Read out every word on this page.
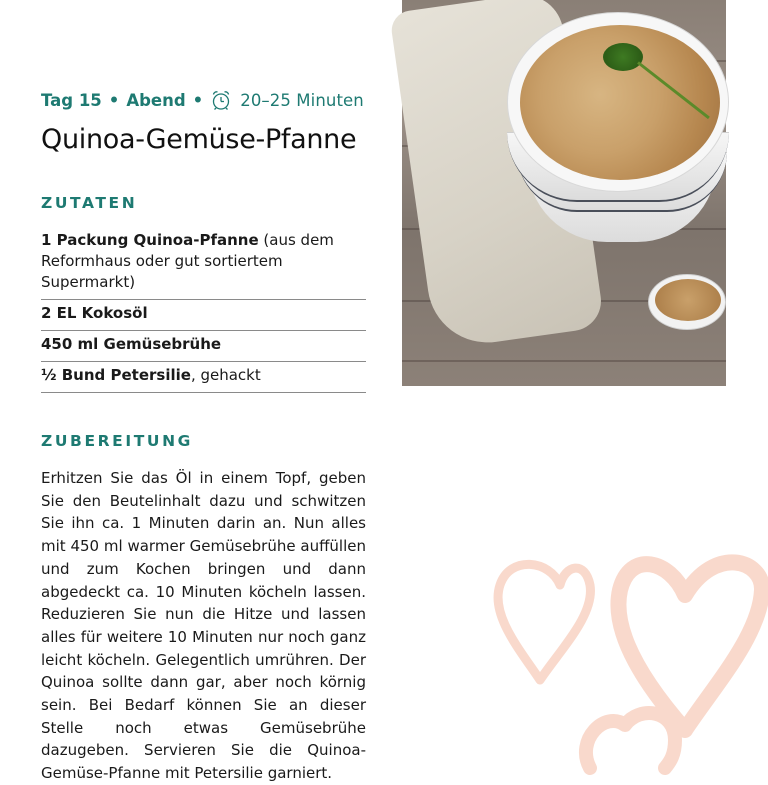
Tag 15 • Abend • 20–25 Minuten
Quinoa-Gemüse-Pfanne
ZUTATEN
1 Packung Quinoa-Pfanne (aus dem Reformhaus oder gut sortiertem Supermarkt)
2 EL Kokosöl
450 ml Gemüsebrühe
½ Bund Petersilie, gehackt
ZUBEREITUNG

Erhitzen Sie das Öl in einem Topf, geben Sie den Beutelinhalt dazu und schwitzen Sie ihn ca. 1 Minuten darin an. Nun alles mit 450 ml warmer Gemüsebrühe auffüllen und zum Kochen bringen und dann abgedeckt ca. 10 Minuten köcheln lassen. Reduzieren Sie nun die Hitze und lassen alles für weitere 10 Minuten nur noch ganz leicht köcheln. Gelegentlich umrühren. Der Quinoa sollte dann gar, aber noch körnig sein. Bei Bedarf können Sie an dieser Stelle noch etwas Gemüsebrühe dazugeben. Servieren Sie die Quinoa-Gemüse-Pfanne mit Petersilie garniert.
